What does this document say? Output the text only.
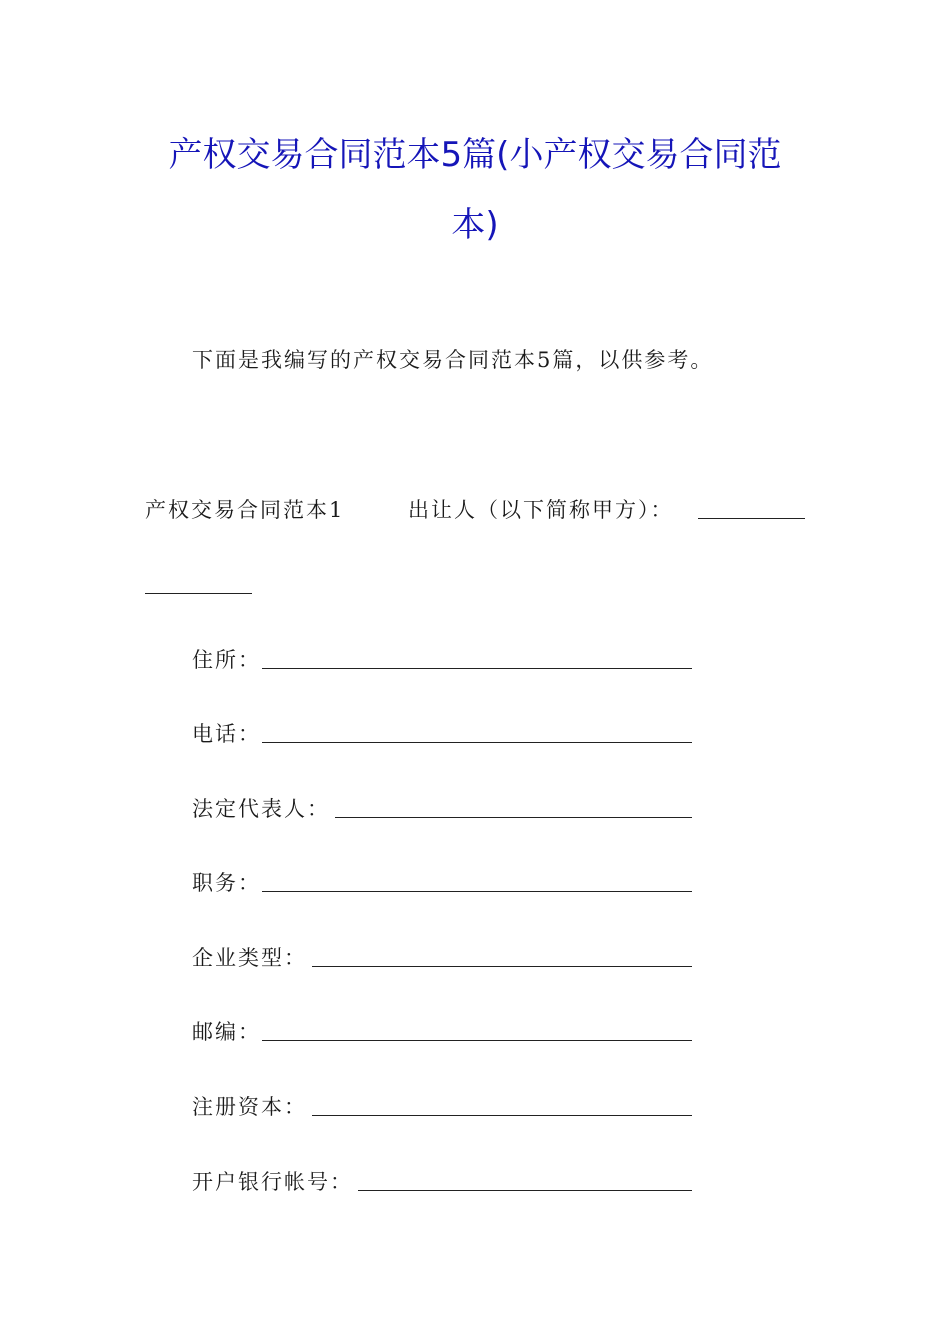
产权交易合同范本5篇(小产权交易合同范
本)
下面是我编写的产权交易合同范本5篇，以供参考。
产权交易合同范本1	出让人（以下简称甲方）：
住所：
电话：
法定代表人：
职务：
企业类型：
邮编：
注册资本：
开户银行帐号：
